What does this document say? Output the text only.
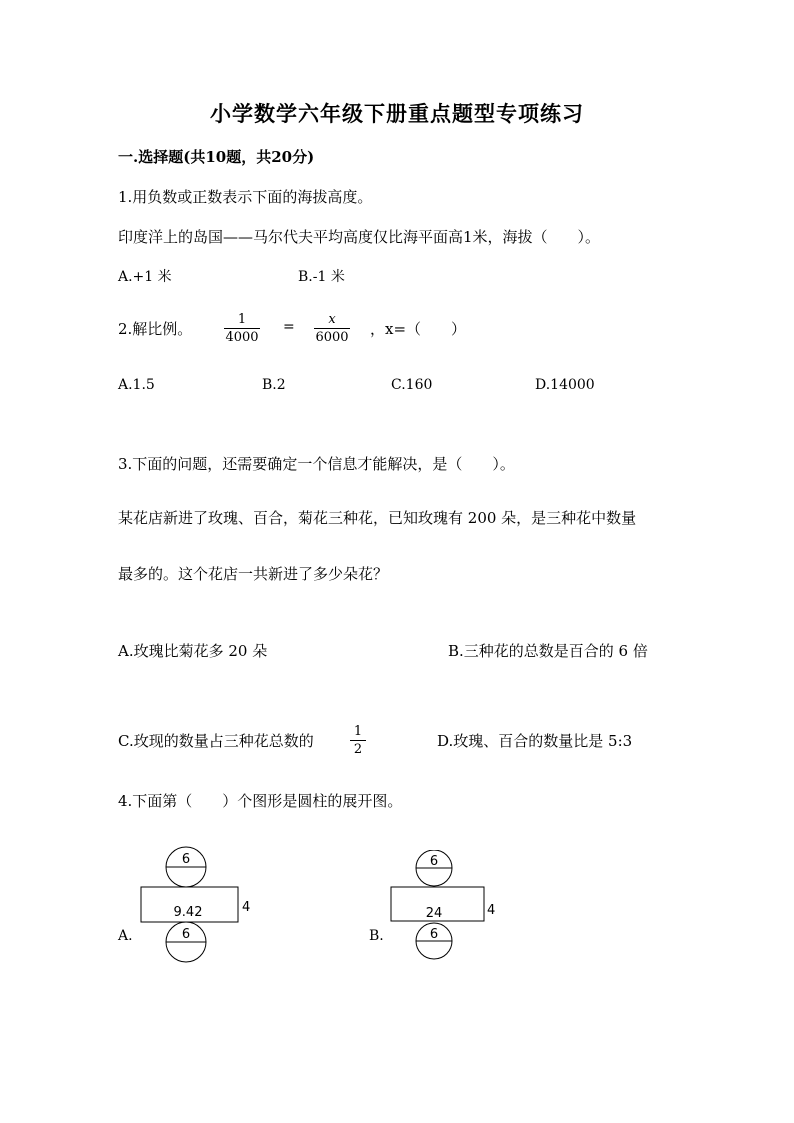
小学数学六年级下册重点题型专项练习
一.选择题(共10题，共20分)
1.用负数或正数表示下面的海拔高度。
印度洋上的岛国——马尔代夫平均高度仅比海平面高1米，海拔（　　）。
A.+1 米	B.-1 米
2.解比例。
1
4000
=	x
6000 ，x=（　　）
A.1.5	B.2	C.160	D.14000
3.下面的问题，还需要确定一个信息才能解决，是（　　）。
某花店新进了玫瑰、百合，菊花三种花，已知玫瑰有 200 朵，是三种花中数量
最多的。这个花店一共新进了多少朵花？
A.玫瑰比菊花多 20 朵	B.三种花的总数是百合的 6 倍
C.玫现的数量占三种花总数的
1
2	D.玫瑰、百合的数量比是 5:3
4.下面第（　　）个图形是圆柱的展开图。
A.
6
9.42	4
6	B.
6
24	4
6
